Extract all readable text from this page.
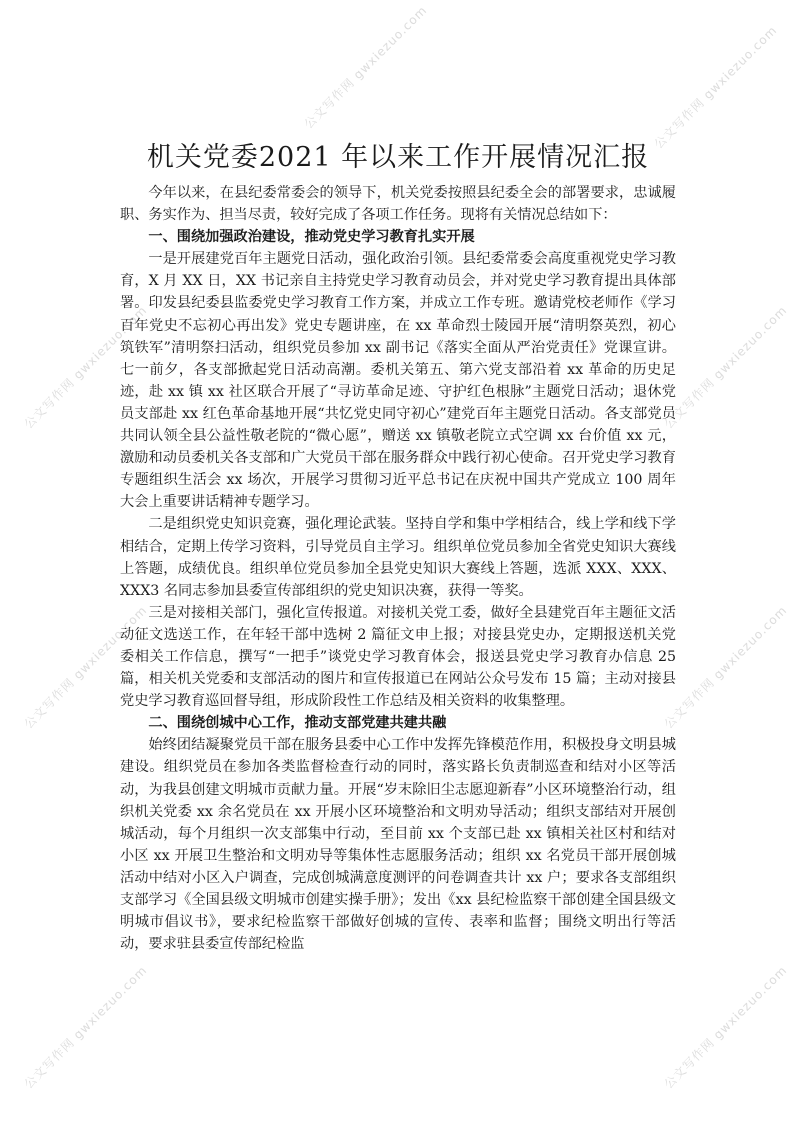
公文写作网 gwxiezuo.com	公文写作网 gwxiezuo.com
公文写作网 gwxiezuo.com	公文写作网 gwxiezuo.com
公文写作网 gwxiezuo.com	公文写作网 gwxiezuo.com
公文写作网 gwxiezuo.com	公文写作网 gwxiezuo.com
机关党委2021 年以来工作开展情况汇报

今年以来，在县纪委常委会的领导下，机关党委按照县纪委全会的部署要求，忠诚履职、务实作为、担当尽责，较好完成了各项工作任务。现将有关情况总结如下：

一、围绕加强政治建设，推动党史学习教育扎实开展

一是开展建党百年主题党日活动，强化政治引领。县纪委常委会高度重视党史学习教育，X 月 XX 日，XX 书记亲自主持党史学习教育动员会，并对党史学习教育提出具体部署。印发县纪委县监委党史学习教育工作方案，并成立工作专班。邀请党校老师作《学习百年党史不忘初心再出发》党史专题讲座，在 xx 革命烈士陵园开展“清明祭英烈，初心筑铁军”清明祭扫活动，组织党员参加 xx 副书记《落实全面从严治党责任》党课宣讲。七一前夕，各支部掀起党日活动高潮。委机关第五、第六党支部沿着 xx 革命的历史足迹，赴 xx 镇 xx 社区联合开展了“寻访革命足迹、守护红色根脉”主题党日活动；退休党员支部赴 xx 红色革命基地开展“共忆党史同守初心”建党百年主题党日活动。各支部党员共同认领全县公益性敬老院的“微心愿”，赠送 xx 镇敬老院立式空调 xx 台价值 xx 元，激励和动员委机关各支部和广大党员干部在服务群众中践行初心使命。召开党史学习教育专题组织生活会 xx 场次，开展学习贯彻习近平总书记在庆祝中国共产党成立 100 周年大会上重要讲话精神专题学习。

二是组织党史知识竞赛，强化理论武装。坚持自学和集中学相结合，线上学和线下学相结合，定期上传学习资料，引导党员自主学习。组织单位党员参加全省党史知识大赛线上答题，成绩优良。组织单位党员参加全县党史知识大赛线上答题，选派 XXX、XXX、XXX3 名同志参加县委宣传部组织的党史知识决赛，获得一等奖。

三是对接相关部门，强化宣传报道。对接机关党工委，做好全县建党百年主题征文活动征文选送工作，在年轻干部中选树 2 篇征文申上报；对接县党史办，定期报送机关党委相关工作信息，撰写“一把手”谈党史学习教育体会，报送县党史学习教育办信息 25 篇，相关机关党委和支部活动的图片和宣传报道已在网站公众号发布 15 篇；主动对接县党史学习教育巡回督导组，形成阶段性工作总结及相关资料的收集整理。

二、围绕创城中心工作，推动支部党建共建共融

始终团结凝聚党员干部在服务县委中心工作中发挥先锋模范作用，积极投身文明县城建设。组织党员在参加各类监督检查行动的同时，落实路长负责制巡查和结对小区等活动，为我县创建文明城市贡献力量。开展“岁末除旧尘志愿迎新春”小区环境整治行动，组织机关党委 xx 余名党员在 xx 开展小区环境整治和文明劝导活动；组织支部结对开展创城活动，每个月组织一次支部集中行动，至目前 xx 个支部已赴 xx 镇相关社区村和结对小区 xx 开展卫生整治和文明劝导等集体性志愿服务活动；组织 xx 名党员干部开展创城活动中结对小区入户调查，完成创城满意度测评的问卷调查共计 xx 户；要求各支部组织支部学习《全国县级文明城市创建实操手册》；发出《xx 县纪检监察干部创建全国县级文明城市倡议书》，要求纪检监察干部做好创城的宣传、表率和监督；围绕文明出行等活动，要求驻县委宣传部纪检监
